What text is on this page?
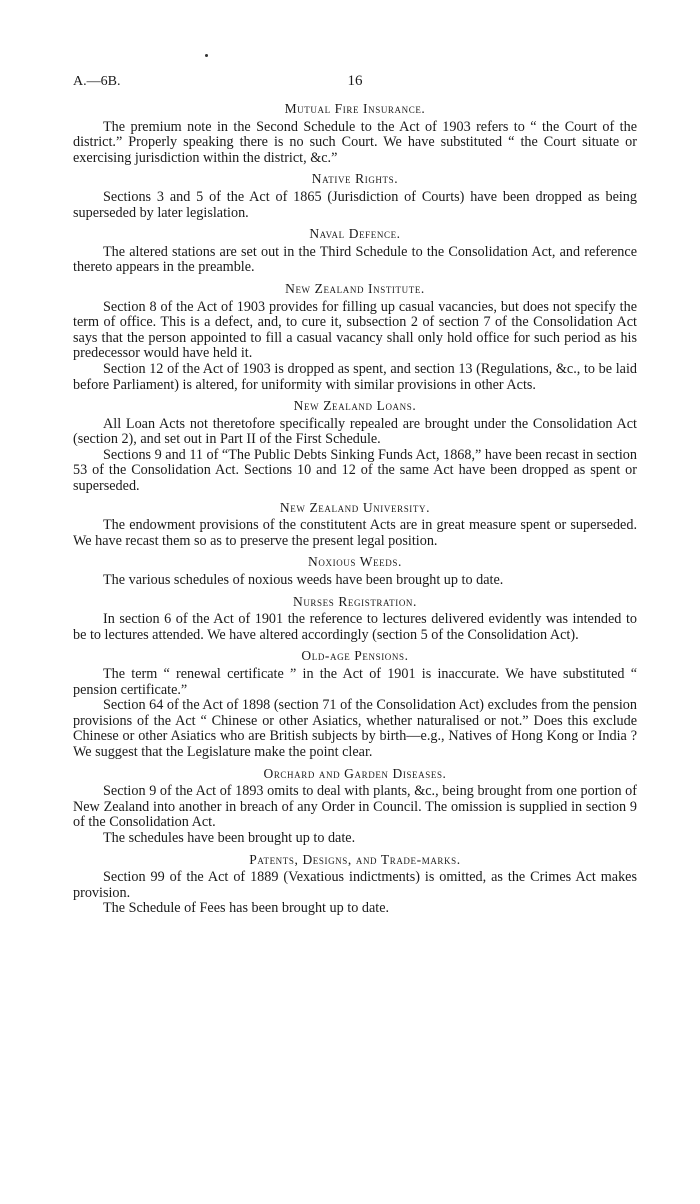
A.—6B.	16
Mutual Fire Insurance.

The premium note in the Second Schedule to the Act of 1903 refers to “ the Court of the district.” Properly speaking there is no such Court. We have substituted “ the Court situate or exercising jurisdiction within the district, &c.”

Native Rights.

Sections 3 and 5 of the Act of 1865 (Jurisdiction of Courts) have been dropped as being superseded by later legislation.

Naval Defence.

The altered stations are set out in the Third Schedule to the Consolidation Act, and reference thereto appears in the preamble.

New Zealand Institute.

Section 8 of the Act of 1903 provides for filling up casual vacancies, but does not specify the term of office. This is a defect, and, to cure it, subsection 2 of section 7 of the Consolidation Act says that the person appointed to fill a casual vacancy shall only hold office for such period as his predecessor would have held it.

Section 12 of the Act of 1903 is dropped as spent, and section 13 (Regulations, &c., to be laid before Parliament) is altered, for uniformity with similar provisions in other Acts.

New Zealand Loans.

All Loan Acts not theretofore specifically repealed are brought under the Consolidation Act (section 2), and set out in Part II of the First Schedule.

Sections 9 and 11 of “The Public Debts Sinking Funds Act, 1868,” have been recast in section 53 of the Consolidation Act. Sections 10 and 12 of the same Act have been dropped as spent or superseded.

New Zealand University.

The endowment provisions of the constitutent Acts are in great measure spent or superseded. We have recast them so as to preserve the present legal position.

Noxious Weeds.

The various schedules of noxious weeds have been brought up to date.

Nurses Registration.

In section 6 of the Act of 1901 the reference to lectures delivered evidently was intended to be to lectures attended. We have altered accordingly (section 5 of the Consolidation Act).

Old-age Pensions.

The term “ renewal certificate ” in the Act of 1901 is inaccurate. We have substituted “ pension certificate.”

Section 64 of the Act of 1898 (section 71 of the Consolidation Act) excludes from the pension provisions of the Act “ Chinese or other Asiatics, whether naturalised or not.” Does this exclude Chinese or other Asiatics who are British subjects by birth—e.g., Natives of Hong Kong or India ? We suggest that the Legislature make the point clear.

Orchard and Garden Diseases.

Section 9 of the Act of 1893 omits to deal with plants, &c., being brought from one portion of New Zealand into another in breach of any Order in Council. The omission is supplied in section 9 of the Consolidation Act.

The schedules have been brought up to date.

Patents, Designs, and Trade-marks.

Section 99 of the Act of 1889 (Vexatious indictments) is omitted, as the Crimes Act makes provision.

The Schedule of Fees has been brought up to date.
